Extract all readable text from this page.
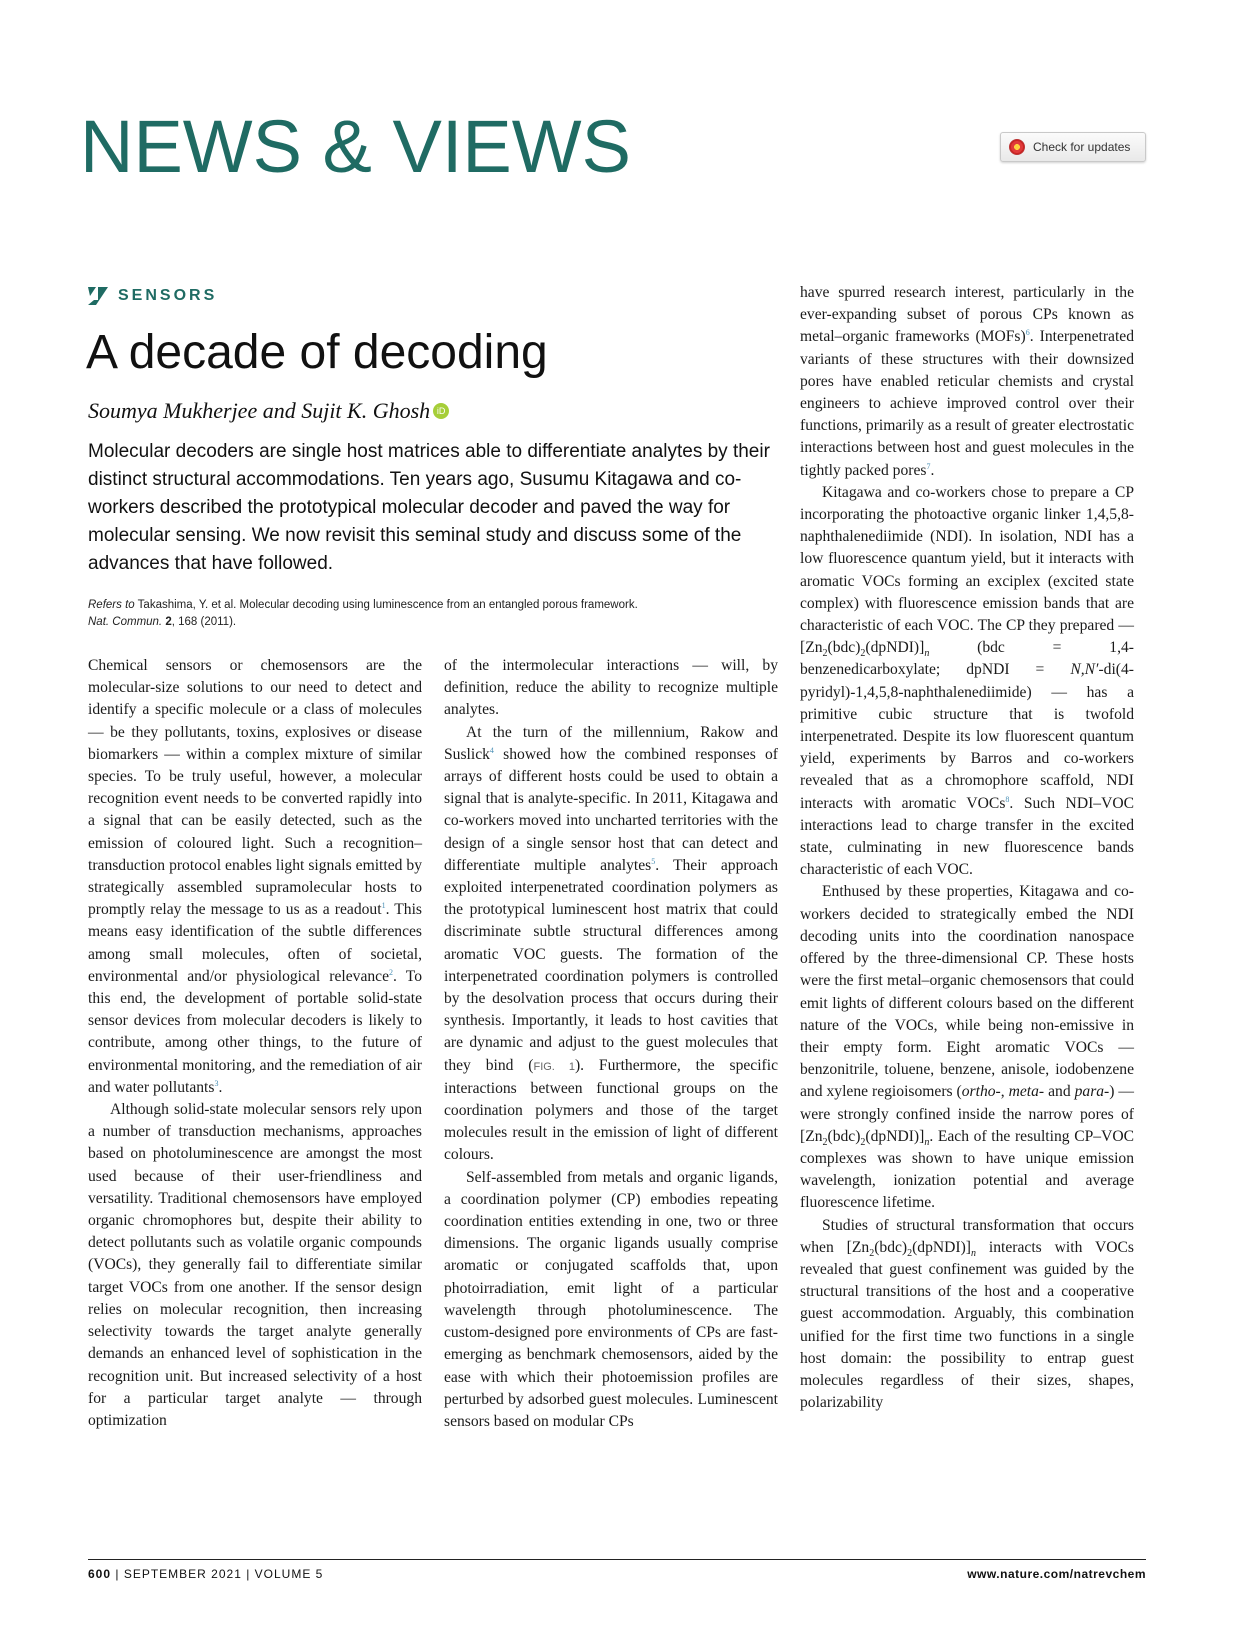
NEWS & VIEWS	Check for updates
SENSORS
A decade of decoding
Soumya Mukherjee and Sujit K. Ghosh iD
Molecular decoders are single host matrices able to differentiate analytes by their distinct structural accommodations. Ten years ago, Susumu Kitagawa and co-workers described the prototypical molecular decoder and paved the way for molecular sensing. We now revisit this seminal study and discuss some of the advances that have followed.
Refers to Takashima, Y. et al. Molecular decoding using luminescence from an entangled porous framework.
Nat. Commun. 2, 168 (2011).

Chemical sensors or chemosensors are the molecular-size solutions to our need to detect and identify a specific molecule or a class of molecules — be they pollutants, toxins, explosives or disease biomarkers — within a complex mixture of similar species. To be truly useful, however, a molecular recognition event needs to be converted rapidly into a signal that can be easily detected, such as the emission of coloured light. Such a recognition–transduction protocol enables light signals emitted by strategically assembled supramolecular hosts to promptly relay the message to us as a readout$^1$. This means easy identification of the subtle differences among small molecules, often of societal, environmental and/or physiological relevance$^2$. To this end, the development of portable solid-state sensor devices from molecular decoders is likely to contribute, among other things, to the future of environmental monitoring, and the remediation of air and water pollutants$^3$.

Although solid-state molecular sensors rely upon a number of transduction mechanisms, approaches based on photoluminescence are amongst the most used because of their user-friendliness and versatility. Traditional chemosensors have employed organic chromophores but, despite their ability to detect pollutants such as volatile organic compounds (VOCs), they generally fail to differentiate similar target VOCs from one another. If the sensor design relies on molecular recognition, then increasing selectivity towards the target analyte generally demands an enhanced level of sophistication in the recognition unit. But increased selectivity of a host for a particular target analyte — through optimization

of the intermolecular interactions — will, by definition, reduce the ability to recognize multiple analytes.

At the turn of the millennium, Rakow and Suslick$^4$ showed how the combined responses of arrays of different hosts could be used to obtain a signal that is analyte-specific. In 2011, Kitagawa and co-workers moved into uncharted territories with the design of a single sensor host that can detect and differentiate multiple analytes$^5$. Their approach exploited interpenetrated coordination polymers as the prototypical luminescent host matrix that could discriminate subtle structural differences among aromatic VOC guests. The formation of the interpenetrated coordination polymers is controlled by the desolvation process that occurs during their synthesis. Importantly, it leads to host cavities that are dynamic and adjust to the guest molecules that they bind (FIG. 1). Furthermore, the specific interactions between functional groups on the coordination polymers and those of the target molecules result in the emission of light of different colours.

Self-assembled from metals and organic ligands, a coordination polymer (CP) embodies repeating coordination entities extending in one, two or three dimensions. The organic ligands usually comprise aromatic or conjugated scaffolds that, upon photoirradiation, emit light of a particular wavelength through photoluminescence. The custom-designed pore environments of CPs are fast-emerging as benchmark chemosensors, aided by the ease with which their photoemission profiles are perturbed by adsorbed guest molecules. Luminescent sensors based on modular CPs

have spurred research interest, particularly in the ever-expanding subset of porous CPs known as metal–organic frameworks (MOFs)$^6$. Interpenetrated variants of these structures with their downsized pores have enabled reticular chemists and crystal engineers to achieve improved control over their functions, primarily as a result of greater electrostatic interactions between host and guest molecules in the tightly packed pores$^7$.

Kitagawa and co-workers chose to prepare a CP incorporating the photoactive organic linker 1,4,5,8-naphthalenediimide (NDI). In isolation, NDI has a low fluorescence quantum yield, but it interacts with aromatic VOCs forming an exciplex (excited state complex) with fluorescence emission bands that are characteristic of each VOC. The CP they prepared — $[Zn_2(bdc)_2(dpNDI)]_n$ (bdc = 1,4-benzenedicarboxylate; dpNDI = N,N′-di(4-pyridyl)-1,4,5,8-naphthalenediimide) — has a primitive cubic structure that is twofold interpenetrated. Despite its low fluorescent quantum yield, experiments by Barros and co-workers revealed that as a chromophore scaffold, NDI interacts with aromatic VOCs$^8$. Such NDI–VOC interactions lead to charge transfer in the excited state, culminating in new fluorescence bands characteristic of each VOC.

Enthused by these properties, Kitagawa and co-workers decided to strategically embed the NDI decoding units into the coordination nanospace offered by the three-dimensional CP. These hosts were the first metal–organic chemosensors that could emit lights of different colours based on the different nature of the VOCs, while being non-emissive in their empty form. Eight aromatic VOCs — benzonitrile, toluene, benzene, anisole, iodobenzene and xylene regioisomers (ortho-, meta- and para-) — were strongly confined inside the narrow pores of $[Zn_2(bdc)_2(dpNDI)]_n$. Each of the resulting CP–VOC complexes was shown to have unique emission wavelength, ionization potential and average fluorescence lifetime.

Studies of structural transformation that occurs when $[Zn_2(bdc)_2(dpNDI)]_n$ interacts with VOCs revealed that guest confinement was guided by the structural transitions of the host and a cooperative guest accommodation. Arguably, this combination unified for the first time two functions in a single host domain: the possibility to entrap guest molecules regardless of their sizes, shapes, polarizability

600 | SEPTEMBER 2021 | VOLUME 5	www.nature.com/natrevchem
